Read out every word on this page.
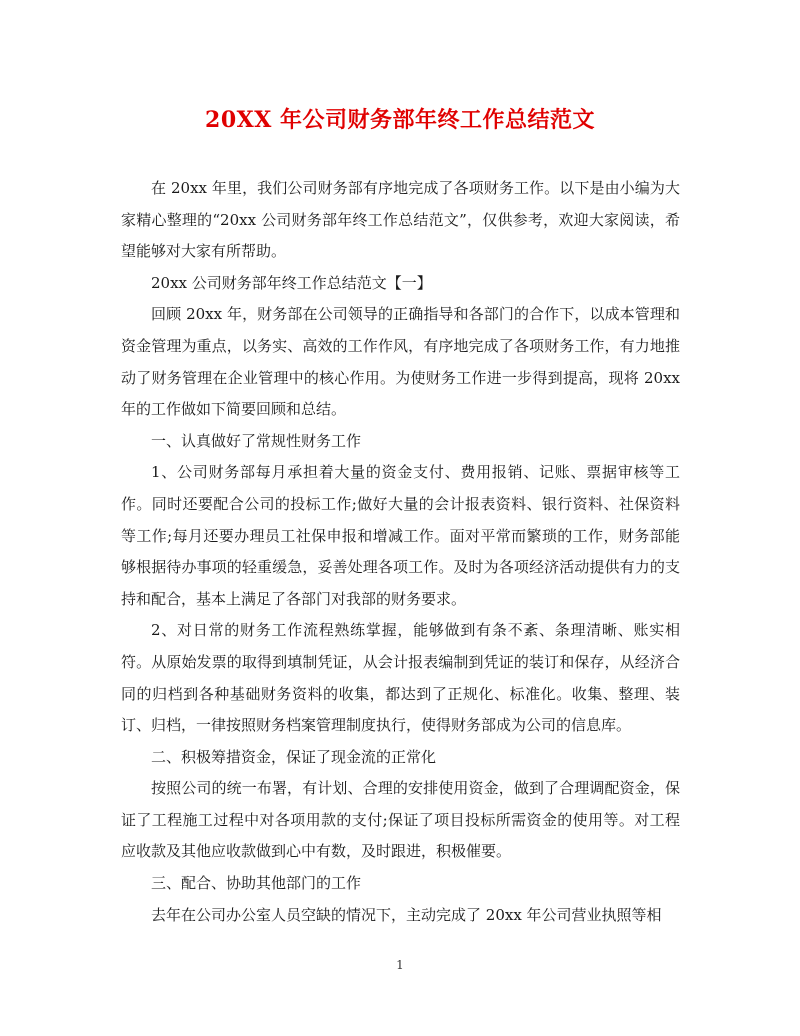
20XX 年公司财务部年终工作总结范文

在 20xx 年里，我们公司财务部有序地完成了各项财务工作。以下是由小编为大家精心整理的“20xx 公司财务部年终工作总结范文”，仅供参考，欢迎大家阅读，希望能够对大家有所帮助。

20xx 公司财务部年终工作总结范文【一】

回顾 20xx 年，财务部在公司领导的正确指导和各部门的合作下，以成本管理和资金管理为重点，以务实、高效的工作作风，有序地完成了各项财务工作，有力地推动了财务管理在企业管理中的核心作用。为使财务工作进一步得到提高，现将 20xx 年的工作做如下简要回顾和总结。

一、认真做好了常规性财务工作

1、公司财务部每月承担着大量的资金支付、费用报销、记账、票据审核等工作。同时还要配合公司的投标工作;做好大量的会计报表资料、银行资料、社保资料等工作;每月还要办理员工社保申报和增减工作。面对平常而繁琐的工作，财务部能够根据待办事项的轻重缓急，妥善处理各项工作。及时为各项经济活动提供有力的支持和配合，基本上满足了各部门对我部的财务要求。

2、对日常的财务工作流程熟练掌握，能够做到有条不紊、条理清晰、账实相符。从原始发票的取得到填制凭证，从会计报表编制到凭证的装订和保存，从经济合同的归档到各种基础财务资料的收集，都达到了正规化、标准化。收集、整理、装订、归档，一律按照财务档案管理制度执行，使得财务部成为公司的信息库。

二、积极筹措资金，保证了现金流的正常化

按照公司的统一布署，有计划、合理的安排使用资金，做到了合理调配资金，保证了工程施工过程中对各项用款的支付;保证了项目投标所需资金的使用等。对工程应收款及其他应收款做到心中有数，及时跟进，积极催要。

三、配合、协助其他部门的工作

去年在公司办公室人员空缺的情况下，主动完成了 20xx 年公司营业执照等相

1
